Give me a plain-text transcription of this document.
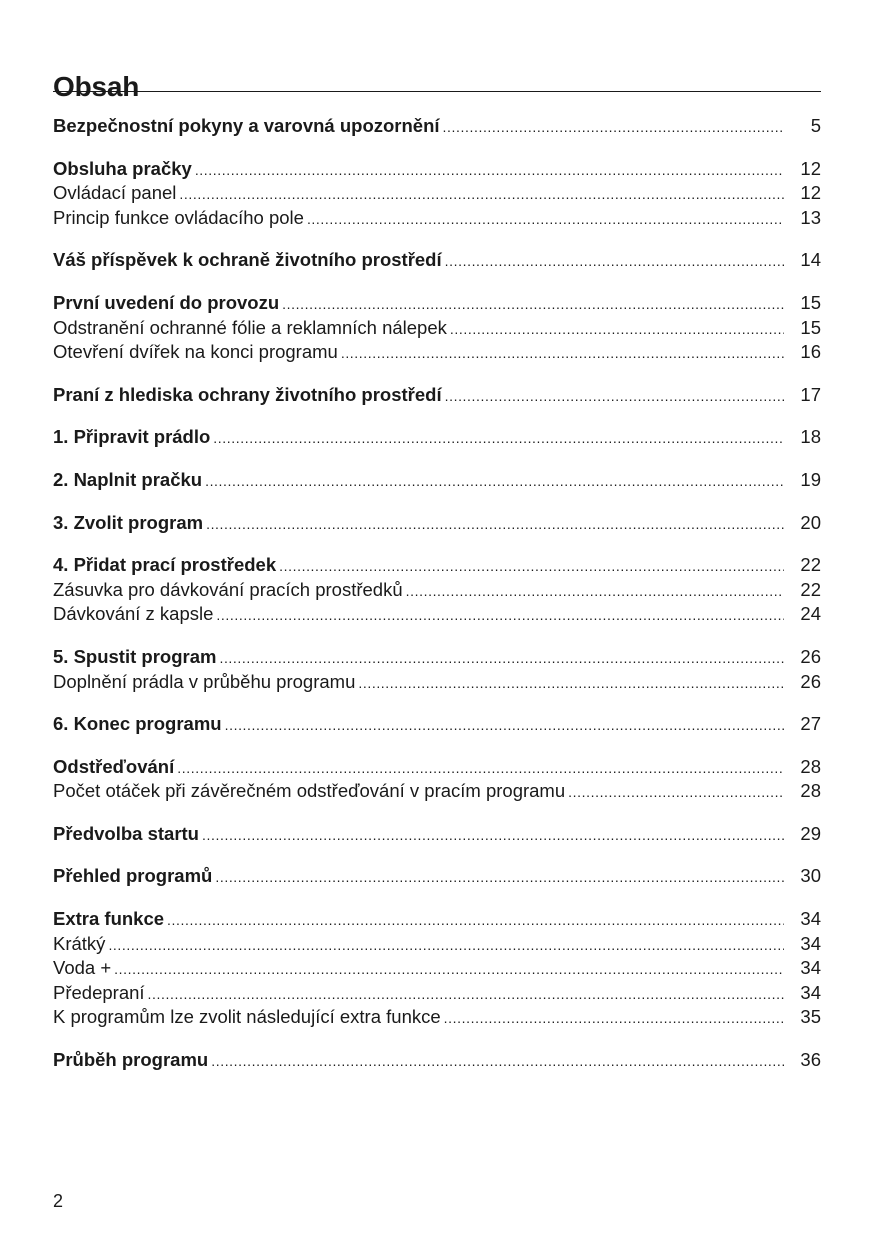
Obsah
Bezpečnostní pokyny a varovná upozornění .....	5
Obsluha pračky .....	12
Ovládací panel .....	12
Princip funkce ovládacího pole .....	13
Váš příspěvek k ochraně životního prostředí .....	14
První uvedení do provozu .....	15
Odstranění ochranné fólie a reklamních nálepek .....	15
Otevření dvířek na konci programu .....	16
Praní z hlediska ochrany životního prostředí .....	17
1. Připravit prádlo .....	18
2. Naplnit pračku .....	19
3. Zvolit program .....	20
4. Přidat prací prostředek .....	22
Zásuvka pro dávkování pracích prostředků .....	22
Dávkování z kapsle .....	24
5. Spustit program .....	26
Doplnění prádla v průběhu programu .....	26
6. Konec programu .....	27
Odstřeďování .....	28
Počet otáček při závěrečném odstřeďování v pracím programu .....	28
Předvolba startu .....	29
Přehled programů .....	30
Extra funkce .....	34
Krátký .....	34
Voda + .....	34
Předepraní .....	34
K programům lze zvolit následující extra funkce .....	35
Průběh programu .....	36
2
